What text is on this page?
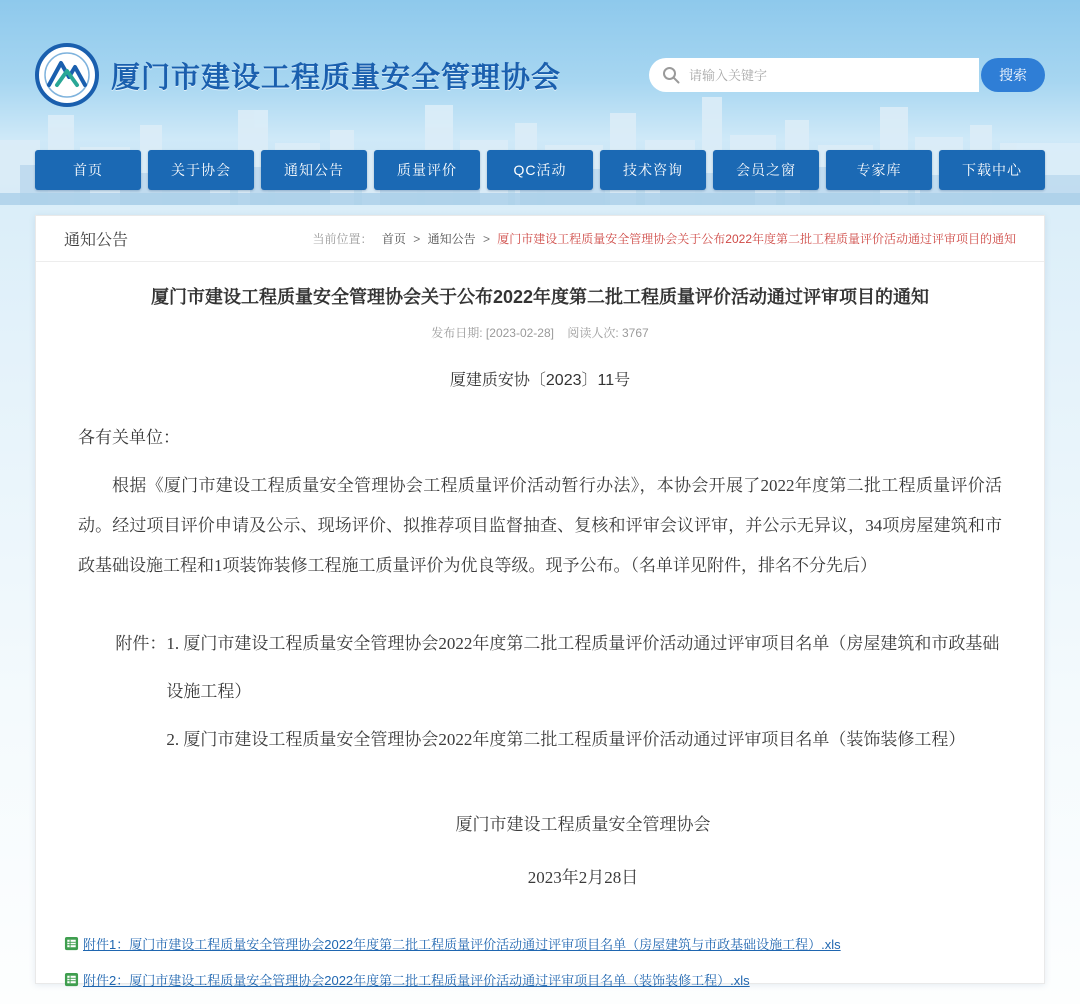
厦门市建设工程质量安全管理协会
请输入关键字	搜索
首页	关于协会	通知公告	质量评价	QC活动	技术咨询	会员之窗	专家库	下载中心
通知公告	当前位置： 首页 > 通知公告 > 厦门市建设工程质量安全管理协会关于公布2022年度第二批工程质量评价活动通过评审项目的通知
厦门市建设工程质量安全管理协会关于公布2022年度第二批工程质量评价活动通过评审项目的通知
发布日期: [2023-02-28] 阅读人次: 3767
厦建质安协〔2023〕11号
各有关单位：
根据《厦门市建设工程质量安全管理协会工程质量评价活动暂行办法》，本协会开展了2022年度第二批工程质量评价活动。经过项目评价申请及公示、现场评价、拟推荐项目监督抽查、复核和评审会议评审，并公示无异议，34项房屋建筑和市政基础设施工程和1项装饰装修工程施工质量评价为优良等级。现予公布。（名单详见附件，排名不分先后）
附件： 1. 厦门市建设工程质量安全管理协会2022年度第二批工程质量评价活动通过评审项目名单（房屋建筑和市政基础设施工程）
2. 厦门市建设工程质量安全管理协会2022年度第二批工程质量评价活动通过评审项目名单（装饰装修工程）
厦门市建设工程质量安全管理协会
2023年2月28日
附件1：厦门市建设工程质量安全管理协会2022年度第二批工程质量评价活动通过评审项目名单（房屋建筑与市政基础设施工程）.xls
附件2：厦门市建设工程质量安全管理协会2022年度第二批工程质量评价活动通过评审项目名单（装饰装修工程）.xls
